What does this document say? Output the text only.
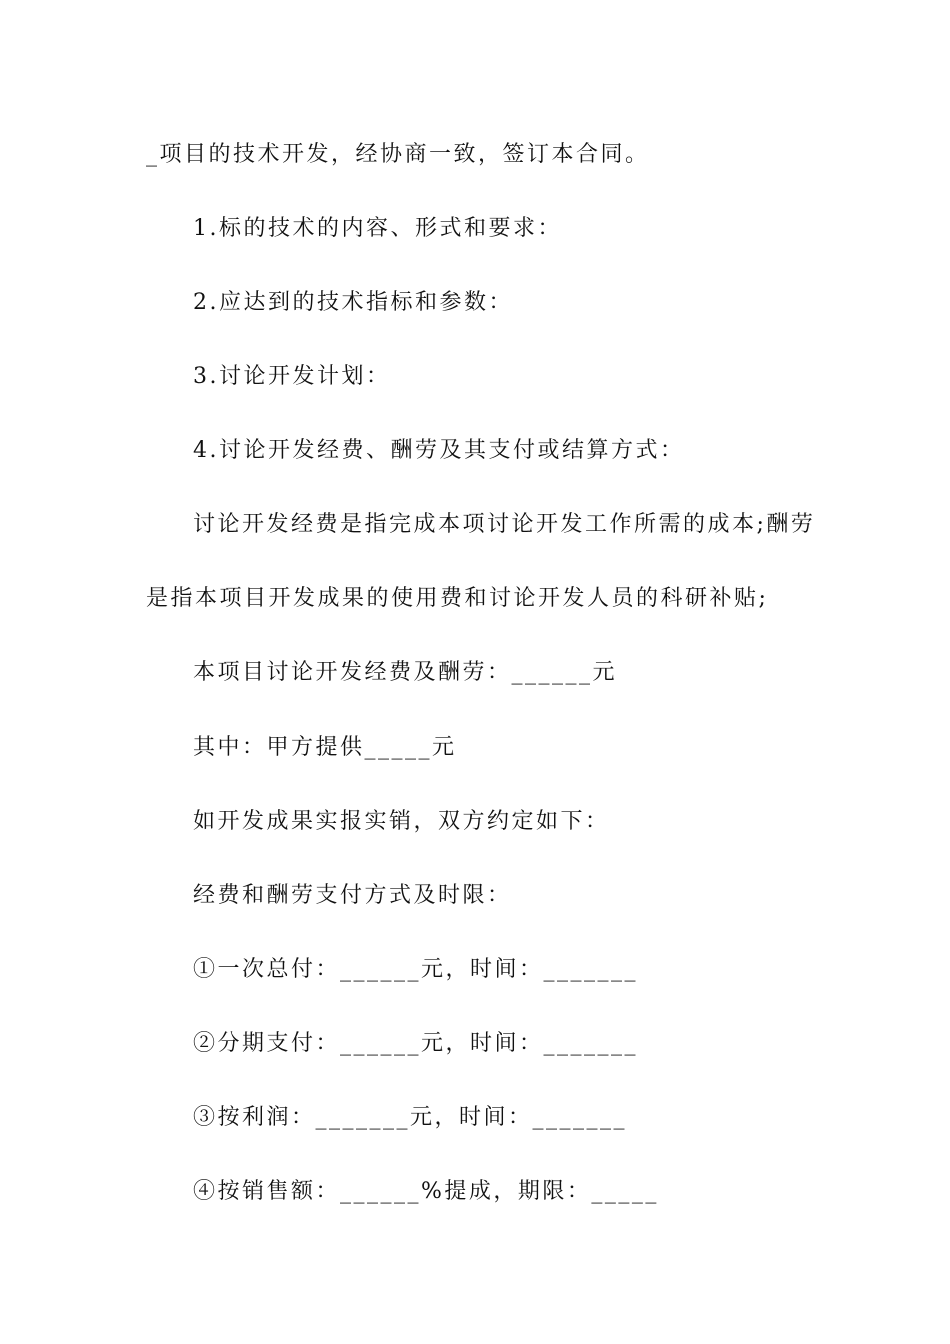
_项目的技术开发，经协商一致，签订本合同。
1.标的技术的内容、形式和要求：
2.应达到的技术指标和参数：
3.讨论开发计划：
4.讨论开发经费、酬劳及其支付或结算方式：
讨论开发经费是指完成本项讨论开发工作所需的成本;酬劳
是指本项目开发成果的使用费和讨论开发人员的科研补贴;
本项目讨论开发经费及酬劳：______元
其中：甲方提供_____元
如开发成果实报实销，双方约定如下：
经费和酬劳支付方式及时限：
①一次总付：______元，时间：_______
②分期支付：______元，时间：_______
③按利润：_______元，时间：_______
④按销售额：______%提成，期限：_____
